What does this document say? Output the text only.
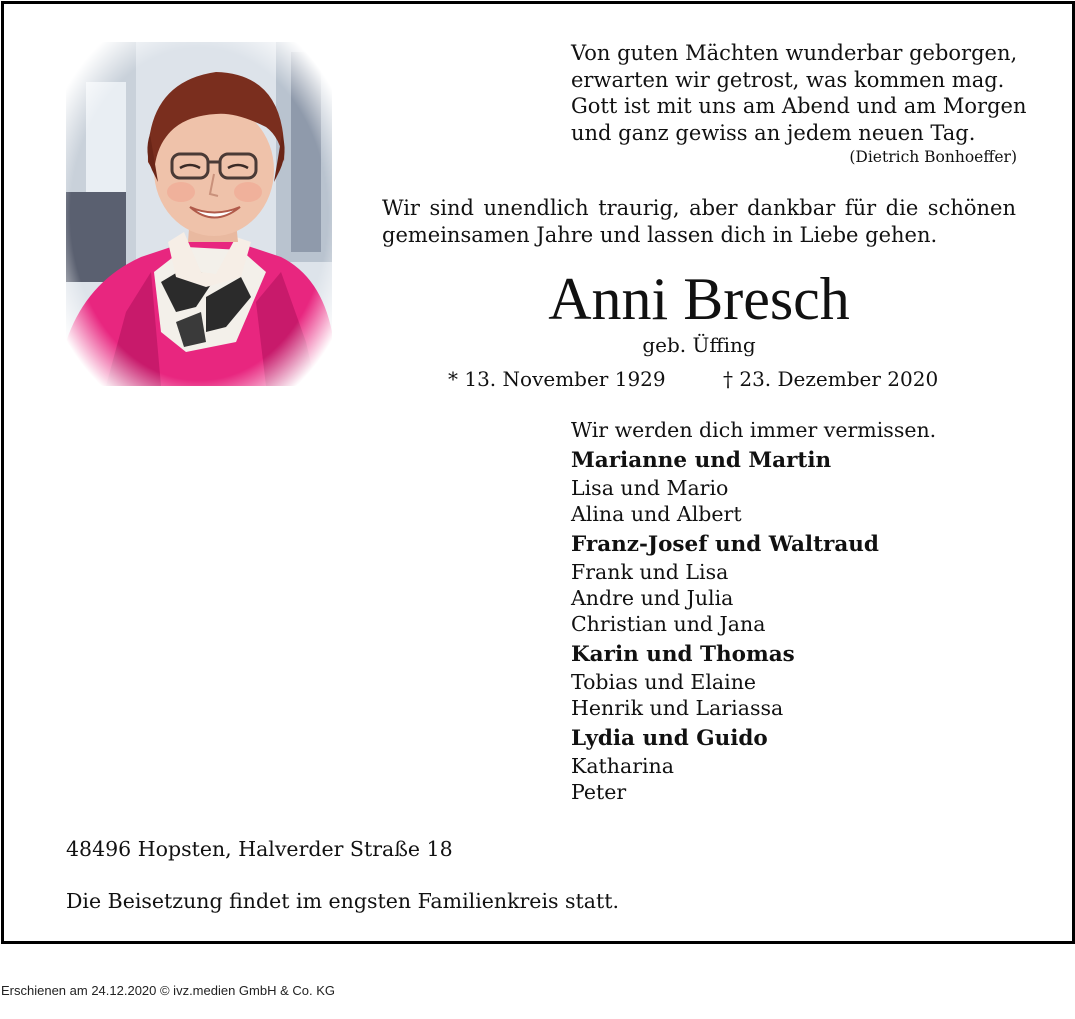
Von guten Mächten wunderbar geborgen,
erwarten wir getrost, was kommen mag.
Gott ist mit uns am Abend und am Morgen
und ganz gewiss an jedem neuen Tag.
(Dietrich Bonhoeffer)
Wir sind unendlich traurig, aber dankbar für die schönen
gemeinsamen Jahre und lassen dich in Liebe gehen.
Anni Bresch
geb. Üffing
* 13. November 1929	† 23. Dezember 2020
Wir werden dich immer vermissen.
Marianne und Martin
Lisa und Mario
Alina und Albert
Franz-Josef und Waltraud
Frank und Lisa
Andre und Julia
Christian und Jana
Karin und Thomas
Tobias und Elaine
Henrik und Lariassa
Lydia und Guido
Katharina
Peter
48496 Hopsten, Halverder Straße 18
Die Beisetzung findet im engsten Familienkreis statt.
Erschienen am 24.12.2020 © ivz.medien GmbH & Co. KG
